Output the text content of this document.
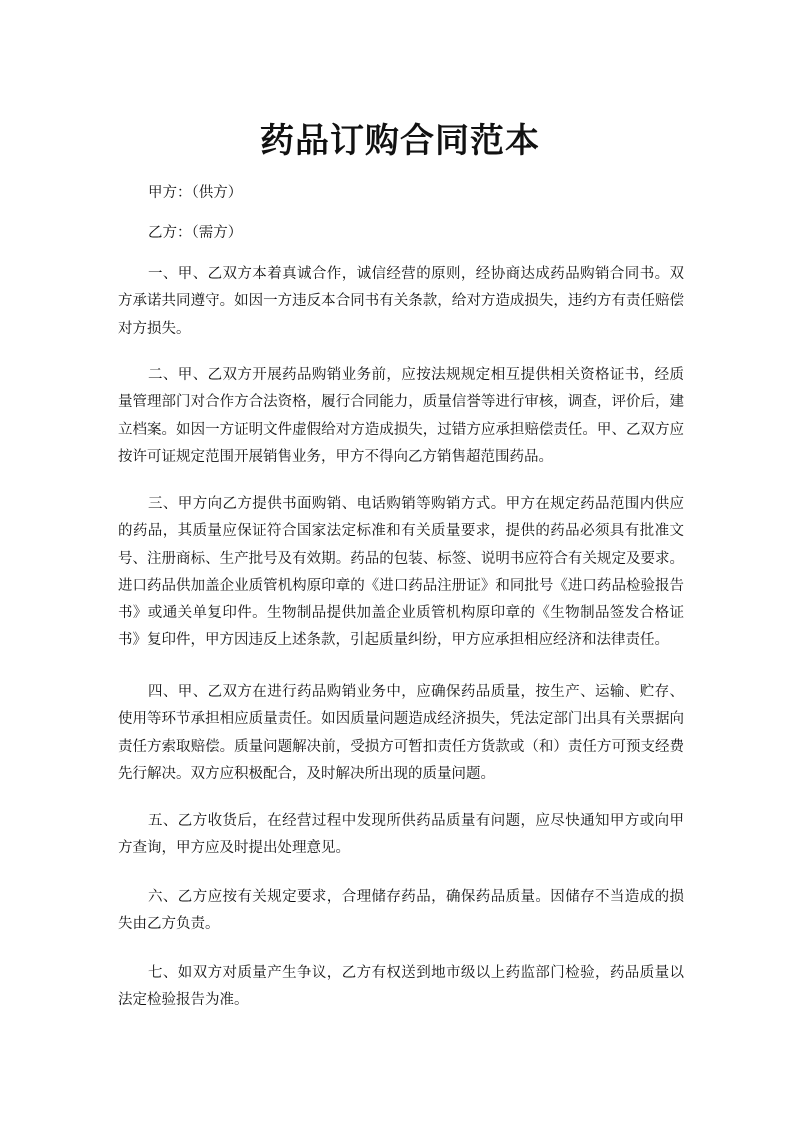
药品订购合同范本

甲方：（供方）

乙方：（需方）

一、甲、乙双方本着真诚合作，诚信经营的原则，经协商达成药品购销合同书。双方承诺共同遵守。如因一方违反本合同书有关条款，给对方造成损失，违约方有责任赔偿对方损失。

二、甲、乙双方开展药品购销业务前，应按法规规定相互提供相关资格证书，经质量管理部门对合作方合法资格，履行合同能力，质量信誉等进行审核，调查，评价后，建立档案。如因一方证明文件虚假给对方造成损失，过错方应承担赔偿责任。甲、乙双方应按许可证规定范围开展销售业务，甲方不得向乙方销售超范围药品。

三、甲方向乙方提供书面购销、电话购销等购销方式。甲方在规定药品范围内供应的药品，其质量应保证符合国家法定标准和有关质量要求，提供的药品必须具有批准文号、注册商标、生产批号及有效期。药品的包装、标签、说明书应符合有关规定及要求。进口药品供加盖企业质管机构原印章的《进口药品注册证》和同批号《进口药品检验报告书》或通关单复印件。生物制品提供加盖企业质管机构原印章的《生物制品签发合格证书》复印件，甲方因违反上述条款，引起质量纠纷，甲方应承担相应经济和法律责任。

四、甲、乙双方在进行药品购销业务中，应确保药品质量，按生产、运输、贮存、使用等环节承担相应质量责任。如因质量问题造成经济损失，凭法定部门出具有关票据向责任方索取赔偿。质量问题解决前，受损方可暂扣责任方货款或（和）责任方可预支经费先行解决。双方应积极配合，及时解决所出现的质量问题。

五、乙方收货后，在经营过程中发现所供药品质量有问题，应尽快通知甲方或向甲方查询，甲方应及时提出处理意见。

六、乙方应按有关规定要求，合理储存药品，确保药品质量。因储存不当造成的损失由乙方负责。

七、如双方对质量产生争议，乙方有权送到地市级以上药监部门检验，药品质量以法定检验报告为准。
